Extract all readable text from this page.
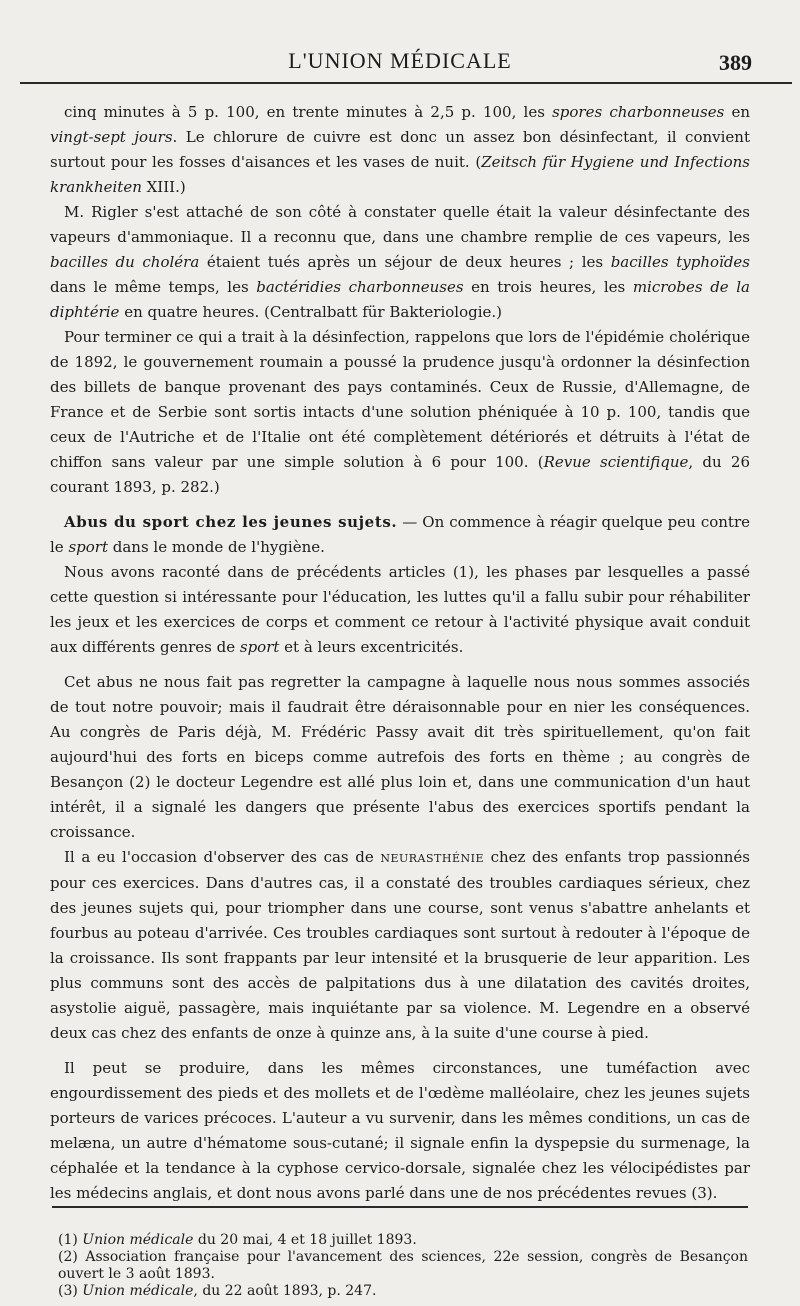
L'UNION MÉDICALE	389

cinq minutes à 5 p. 100, en trente minutes à 2,5 p. 100, les spores charbonneuses en vingt-sept jours. Le chlorure de cuivre est donc un assez bon désinfectant, il convient surtout pour les fosses d'aisances et les vases de nuit. (Zeitsch für Hygiene und Infections krankheiten XIII.)

M. Rigler s'est attaché de son côté à constater quelle était la valeur désinfectante des vapeurs d'ammoniaque. Il a reconnu que, dans une chambre remplie de ces vapeurs, les bacilles du choléra étaient tués après un séjour de deux heures ; les bacilles typhoïdes dans le même temps, les bactéridies charbonneuses en trois heures, les microbes de la diphtérie en quatre heures. (Centralbatt für Bakteriologie.)

Pour terminer ce qui a trait à la désinfection, rappelons que lors de l'épidémie cholérique de 1892, le gouvernement roumain a poussé la prudence jusqu'à ordonner la désinfection des billets de banque provenant des pays contaminés. Ceux de Russie, d'Allemagne, de France et de Serbie sont sortis intacts d'une solution phéniquée à 10 p. 100, tandis que ceux de l'Autriche et de l'Italie ont été complètement détériorés et détruits à l'état de chiffon sans valeur par une simple solution à 6 pour 100. (Revue scientifique, du 26 courant 1893, p. 282.)

Abus du sport chez les jeunes sujets. — On commence à réagir quelque peu contre le sport dans le monde de l'hygiène.

Nous avons raconté dans de précédents articles (1), les phases par lesquelles a passé cette question si intéressante pour l'éducation, les luttes qu'il a fallu subir pour réhabiliter les jeux et les exercices de corps et comment ce retour à l'activité physique avait conduit aux différents genres de sport et à leurs excentricités.

Cet abus ne nous fait pas regretter la campagne à laquelle nous nous sommes associés de tout notre pouvoir; mais il faudrait être déraisonnable pour en nier les conséquences. Au congrès de Paris déjà, M. Frédéric Passy avait dit très spirituellement, qu'on fait aujourd'hui des forts en biceps comme autrefois des forts en thème ; au congrès de Besançon (2) le docteur Legendre est allé plus loin et, dans une communication d'un haut intérêt, il a signalé les dangers que présente l'abus des exercices sportifs pendant la croissance.

Il a eu l'occasion d'observer des cas de NEURASTHÉNIE chez des enfants trop passionnés pour ces exercices. Dans d'autres cas, il a constaté des troubles cardiaques sérieux, chez des jeunes sujets qui, pour triompher dans une course, sont venus s'abattre anhelants et fourbus au poteau d'arrivée. Ces troubles cardiaques sont surtout à redouter à l'époque de la croissance. Ils sont frappants par leur intensité et la brusquerie de leur apparition. Les plus communs sont des accès de palpitations dus à une dilatation des cavités droites, asystolie aiguë, passagère, mais inquiétante par sa violence. M. Legendre en a observé deux cas chez des enfants de onze à quinze ans, à la suite d'une course à pied.

Il peut se produire, dans les mêmes circonstances, une tuméfaction avec engourdissement des pieds et des mollets et de l'œdème malléolaire, chez les jeunes sujets porteurs de varices précoces. L'auteur a vu survenir, dans les mêmes conditions, un cas de melæna, un autre d'hématome sous-cutané; il signale enfin la dyspepsie du surmenage, la céphalée et la tendance à la cyphose cervico-dorsale, signalée chez les vélocipédistes par les médecins anglais, et dont nous avons parlé dans une de nos précédentes revues (3).

(1) Union médicale du 20 mai, 4 et 18 juillet 1893.

(2) Association française pour l'avancement des sciences, 22e session, congrès de Besançon ouvert le 3 août 1893.

(3) Union médicale, du 22 août 1893, p. 247.
